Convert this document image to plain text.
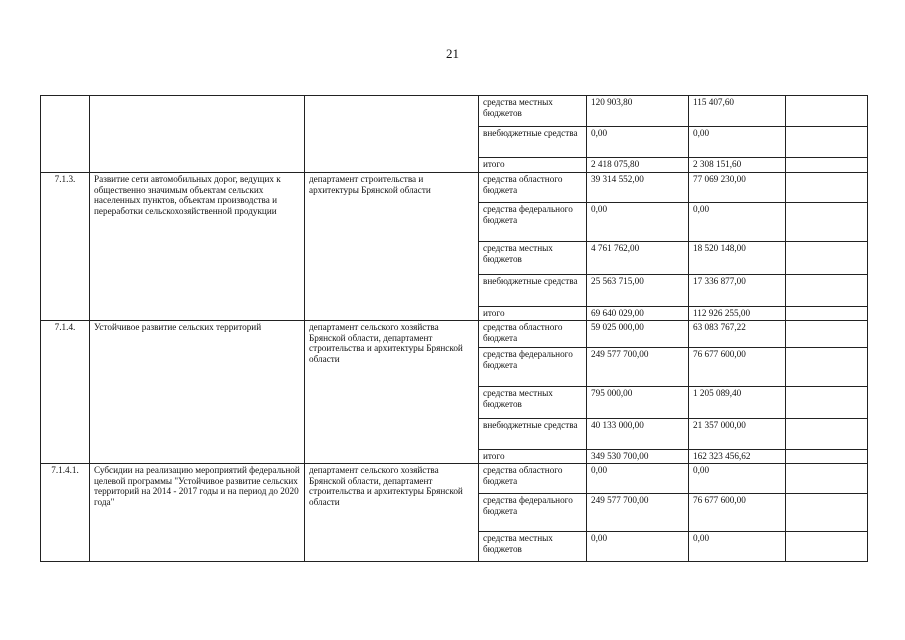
21
			средства местных бюджетов	120 903,80	115 407,60	
			внебюджетные средства	0,00	0,00	
			итого	2 418 075,80	2 308 151,60	
7.1.3.	Развитие сети автомобильных дорог, ведущих к общественно значимым объектам сельских населенных пунктов, объектам производства и переработки сельскохозяйственной продукции	департамент строительства и архитектуры Брянской области	средства областного бюджета	39 314 552,00	77 069 230,00	
			средства федерального бюджета	0,00	0,00	
			средства местных бюджетов	4 761 762,00	18 520 148,00	
			внебюджетные средства	25 563 715,00	17 336 877,00	
			итого	69 640 029,00	112 926 255,00	
7.1.4.	Устойчивое развитие сельских территорий	департамент сельского хозяйства Брянской области, департамент строительства и архитектуры Брянской области	средства областного бюджета	59 025 000,00	63 083 767,22	
			средства федерального бюджета	249 577 700,00	76 677 600,00	
			средства местных бюджетов	795 000,00	1 205 089,40	
			внебюджетные средства	40 133 000,00	21 357 000,00	
			итого	349 530 700,00	162 323 456,62	
7.1.4.1.	Субсидии на реализацию мероприятий федеральной целевой программы "Устойчивое развитие сельских территорий на 2014 - 2017 годы и на период до 2020 года"	департамент сельского хозяйства Брянской области, департамент строительства и архитектуры Брянской области	средства областного бюджета	0,00	0,00	
			средства федерального бюджета	249 577 700,00	76 677 600,00	
			средства местных бюджетов	0,00	0,00	
